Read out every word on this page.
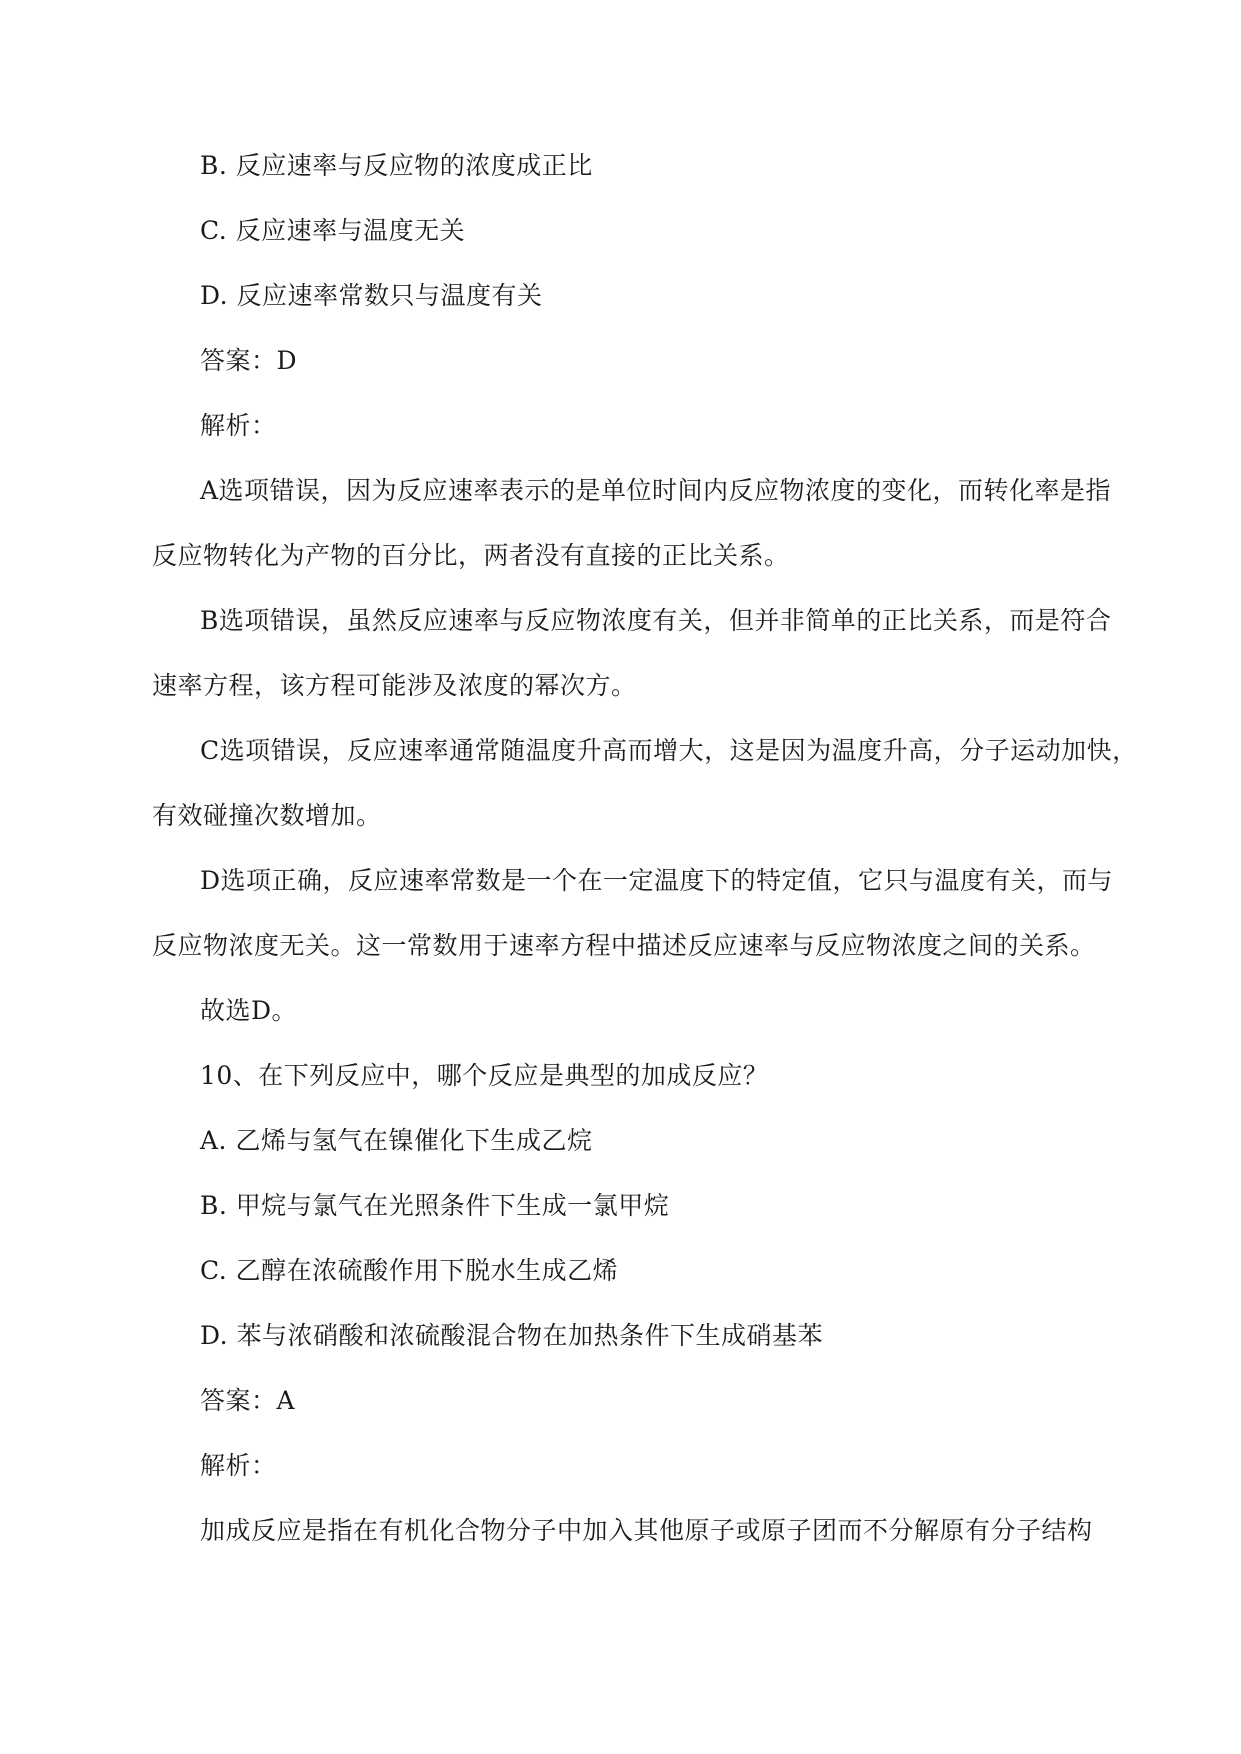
B. 反应速率与反应物的浓度成正比
C. 反应速率与温度无关
D. 反应速率常数只与温度有关
答案：D
解析：
A选项错误，因为反应速率表示的是单位时间内反应物浓度的变化，而转化率是指
反应物转化为产物的百分比，两者没有直接的正比关系。
B选项错误，虽然反应速率与反应物浓度有关，但并非简单的正比关系，而是符合
速率方程，该方程可能涉及浓度的幂次方。
C选项错误，反应速率通常随温度升高而增大，这是因为温度升高，分子运动加快，
有效碰撞次数增加。
D选项正确，反应速率常数是一个在一定温度下的特定值，它只与温度有关，而与
反应物浓度无关。这一常数用于速率方程中描述反应速率与反应物浓度之间的关系。
故选D。
10、在下列反应中，哪个反应是典型的加成反应？
A. 乙烯与氢气在镍催化下生成乙烷
B. 甲烷与氯气在光照条件下生成一氯甲烷
C. 乙醇在浓硫酸作用下脱水生成乙烯
D. 苯与浓硝酸和浓硫酸混合物在加热条件下生成硝基苯
答案：A
解析：
加成反应是指在有机化合物分子中加入其他原子或原子团而不分解原有分子结构
